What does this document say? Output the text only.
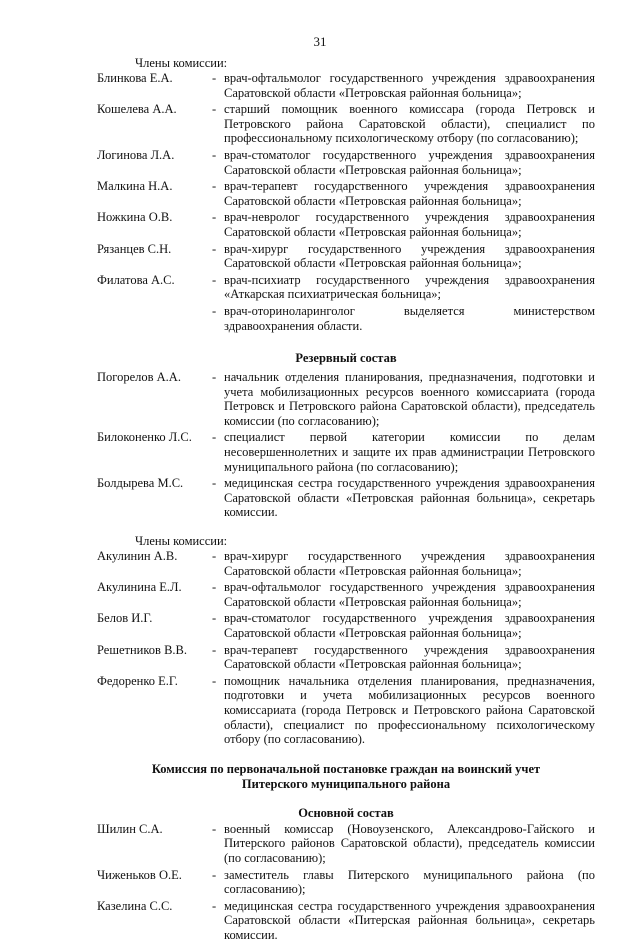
31
Члены комиссии:
Блинкова Е.А.	- врач-офтальмолог государственного учреждения здравоохранения Саратовской области «Петровская районная больница»;
Кошелева А.А.	- старший помощник военного комиссара (города Петровск и Петровского района Саратовской области), специалист по профессиональному психологическому отбору (по согласованию);
Логинова Л.А.	- врач-стоматолог государственного учреждения здравоохранения Саратовской области «Петровская районная больница»;
Малкина Н.А.	- врач-терапевт государственного учреждения здравоохранения Саратовской области «Петровская районная больница»;
Ножкина О.В.	- врач-невролог государственного учреждения здравоохранения Саратовской области «Петровская районная больница»;
Рязанцев С.Н.	- врач-хирург государственного учреждения здравоохранения Саратовской области «Петровская районная больница»;
Филатова А.С.	- врач-психиатр государственного учреждения здравоохранения «Аткарская психиатрическая больница»;
- врач-оториноларинголог выделяется министерством здравоохранения области.
Резервный состав
Погорелов А.А.	- начальник отделения планирования, предназначения, подготовки и учета мобилизационных ресурсов военного комиссариата (города Петровск и Петровского района Саратовской области), председатель комиссии (по согласованию);
Билоконенко Л.С.	- специалист первой категории комиссии по делам несовершеннолетних и защите их прав администрации Петровского муниципального района (по согласованию);
Болдырева М.С.	- медицинская сестра государственного учреждения здравоохранения Саратовской области «Петровская районная больница», секретарь комиссии.
Члены комиссии:
Акулинин А.В.	- врач-хирург государственного учреждения здравоохранения Саратовской области «Петровская районная больница»;
Акулинина Е.Л.	- врач-офтальмолог государственного учреждения здравоохранения Саратовской области «Петровская районная больница»;
Белов И.Г.	- врач-стоматолог государственного учреждения здравоохранения Саратовской области «Петровская районная больница»;
Решетников В.В.	- врач-терапевт государственного учреждения здравоохранения Саратовской области «Петровская районная больница»;
Федоренко Е.Г.	- помощник начальника отделения планирования, предназначения, подготовки и учета мобилизационных ресурсов военного комиссариата (города Петровск и Петровского района Саратовской области), специалист по профессиональному психологическому отбору (по согласованию).
Комиссия по первоначальной постановке граждан на воинский учет
Питерского муниципального района
Основной состав
Шилин С.А.	- военный комиссар (Новоузенского, Александрово-Гайского и Питерского районов Саратовской области), председатель комиссии (по согласованию);
Чиженьков О.Е.	- заместитель главы Питерского муниципального района (по согласованию);
Казелина С.С.	- медицинская сестра государственного учреждения здравоохранения Саратовской области «Питерская районная больница», секретарь комиссии.
